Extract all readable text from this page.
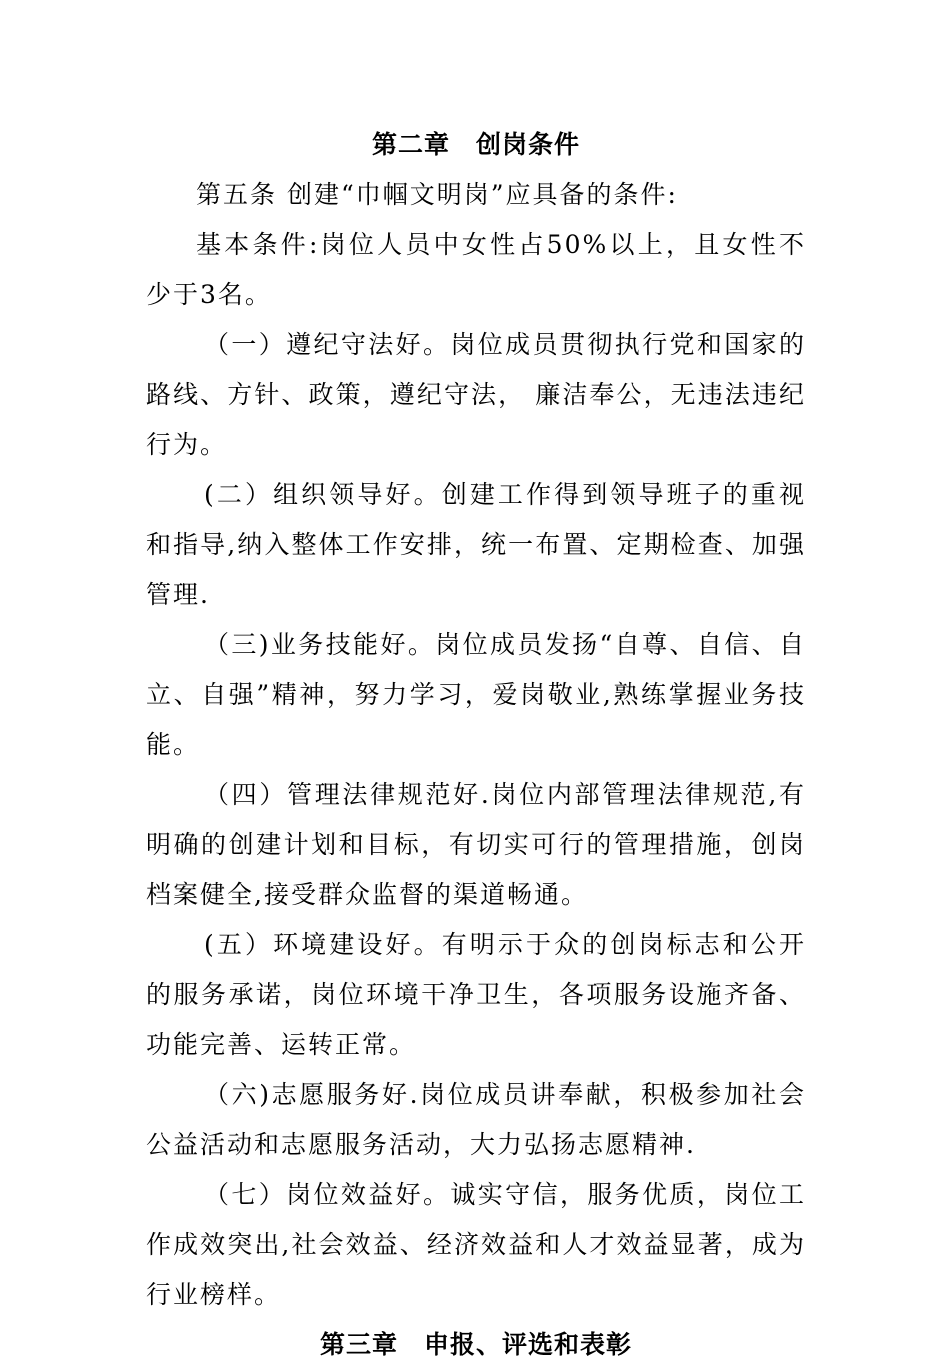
第二章 创岗条件

第五条 创建“巾帼文明岗”应具备的条件:

基本条件:岗位人员中女性占50%以上，且女性不少于3名。

（一）遵纪守法好。岗位成员贯彻执行党和国家的路线、方针、政策，遵纪守法， 廉洁奉公，无违法违纪行为。

(二）组织领导好。创建工作得到领导班子的重视和指导,纳入整体工作安排，统一布置、定期检查、加强管理.

（三)业务技能好。岗位成员发扬“自尊、自信、自立、自强”精神，努力学习，爱岗敬业,熟练掌握业务技能。

（四）管理法律规范好.岗位内部管理法律规范,有明确的创建计划和目标，有切实可行的管理措施，创岗档案健全,接受群众监督的渠道畅通。

(五）环境建设好。有明示于众的创岗标志和公开的服务承诺，岗位环境干净卫生，各项服务设施齐备、功能完善、运转正常。

（六)志愿服务好.岗位成员讲奉献，积极参加社会公益活动和志愿服务活动，大力弘扬志愿精神.

（七）岗位效益好。诚实守信，服务优质，岗位工作成效突出,社会效益、经济效益和人才效益显著，成为行业榜样。

第三章 申报、评选和表彰
